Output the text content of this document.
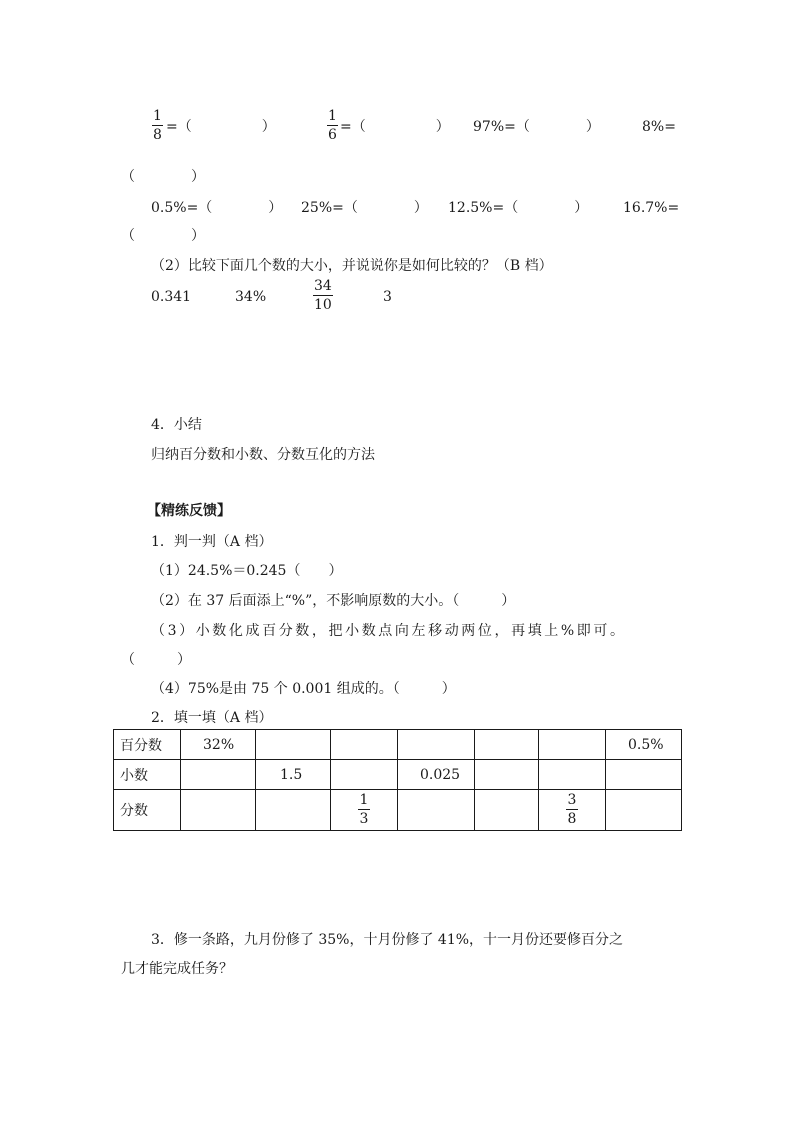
$\frac{1}{8}$ =（　　　　　）	$\frac{1}{6}$ =（　　　　　） 97%=（　　　　）	8%=
（　　　　）
0.5%=（　　　　） 25%=（　　　　） 12.5%=（　　　　） 16.7%=
（　　　　）
（2）比较下面几个数的大小，并说说你是如何比较的？（B 档）
0.341	34%	$\frac{34}{10}$	3
4．小结
归纳百分数和小数、分数互化的方法
【精练反馈】
1．判一判（A 档）
（1）24.5%＝0.245（　　）
（2）在 37 后面添上“%”，不影响原数的大小。（　　　）
（3）小数化成百分数，把小数点向左移动两位，再填上%即可。
（　　　）
（4）75%是由 75 个 0.001 组成的。（　　　）
2．填一填（A 档）
百分数	32%						0.5%
小数		1.5		0.025			
分数			$\frac{1}{3}$			$\frac{3}{8}$

3．修一条路，九月份修了 35%，十月份修了 41%，十一月份还要修百分之
几才能完成任务？
